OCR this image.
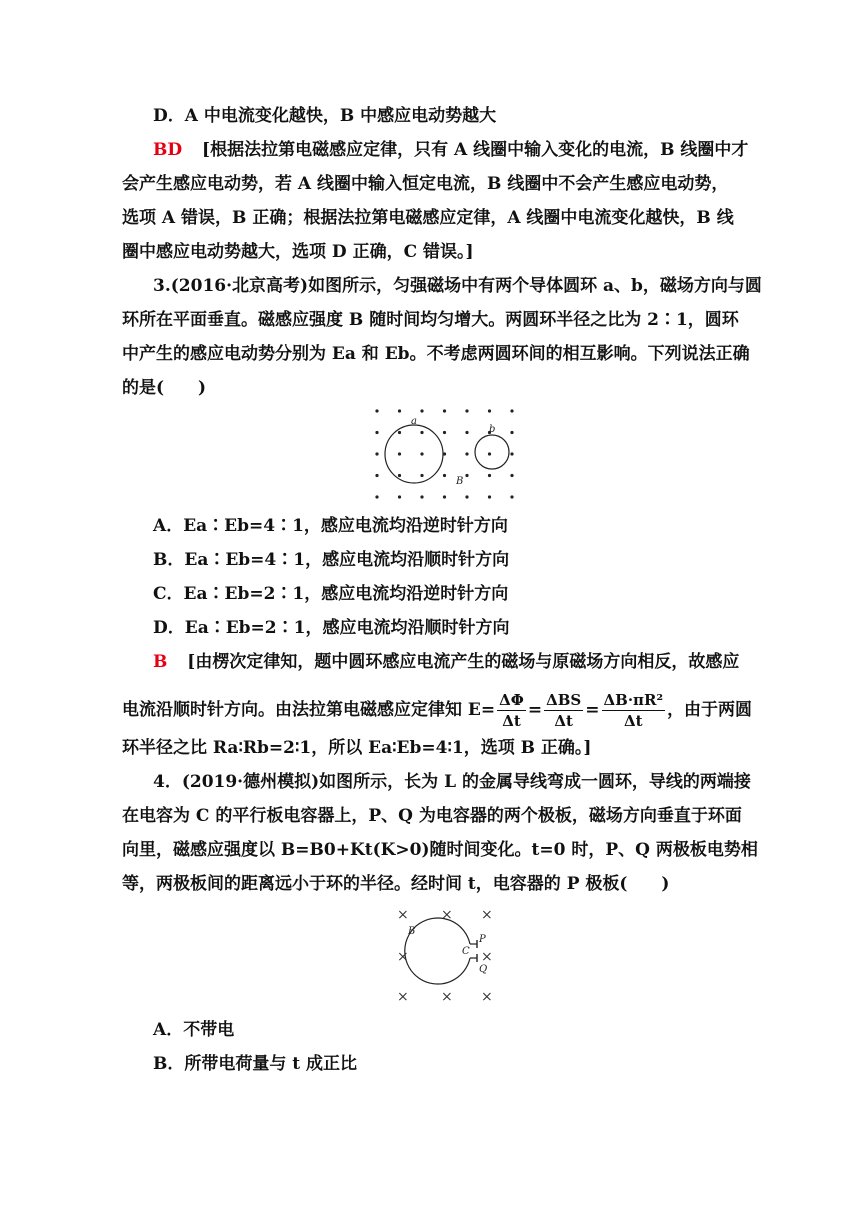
D．A 中电流变化越快，B 中感应电动势越大
BD [根据法拉第电磁感应定律，只有 A 线圈中输入变化的电流，B 线圈中才
会产生感应电动势，若 A 线圈中输入恒定电流，B 线圈中不会产生感应电动势，
选项 A 错误，B 正确；根据法拉第电磁感应定律，A 线圈中电流变化越快，B 线
圈中感应电动势越大，选项 D 正确，C 错误。]
3.(2016·北京高考)如图所示，匀强磁场中有两个导体圆环 a、b，磁场方向与圆
环所在平面垂直。磁感应强度 B 随时间均匀增大。两圆环半径之比为 2∶1，圆环
中产生的感应电动势分别为 Ea 和 Eb。不考虑两圆环间的相互影响。下列说法正确
的是(　　)
a
b
B
A．Ea∶Eb=4∶1，感应电流均沿逆时针方向
B．Ea∶Eb=4∶1，感应电流均沿顺时针方向
C．Ea∶Eb=2∶1，感应电流均沿逆时针方向
D．Ea∶Eb=2∶1，感应电流均沿顺时针方向
B [由楞次定律知，题中圆环感应电流产生的磁场与原磁场方向相反，故感应
电流沿顺时针方向。由法拉第电磁感应定律知 $E= \frac{\Delta\Phi}{\Delta t} = \frac{\text{ΔBS}}{\Delta t} = \frac{\text{ΔB·πR²}}{\Delta t}$ ，由于两圆
环半径之比 Ra∶Rb=2∶1，所以 Ea∶Eb=4∶1，选项 B 正确。]
4．(2019·德州模拟)如图所示，长为 L 的金属导线弯成一圆环，导线的两端接
在电容为 C 的平行板电容器上，P、Q 为电容器的两个极板，磁场方向垂直于环面
向里，磁感应强度以 B=B0+Kt(K>0)随时间变化。t=0 时，P、Q 两极板电势相
等，两极板间的距离远小于环的半径。经时间 t，电容器的 P 极板(　　)
× × ×
×	×
× × ×
B
C
P
Q
A．不带电
B．所带电荷量与 t 成正比
